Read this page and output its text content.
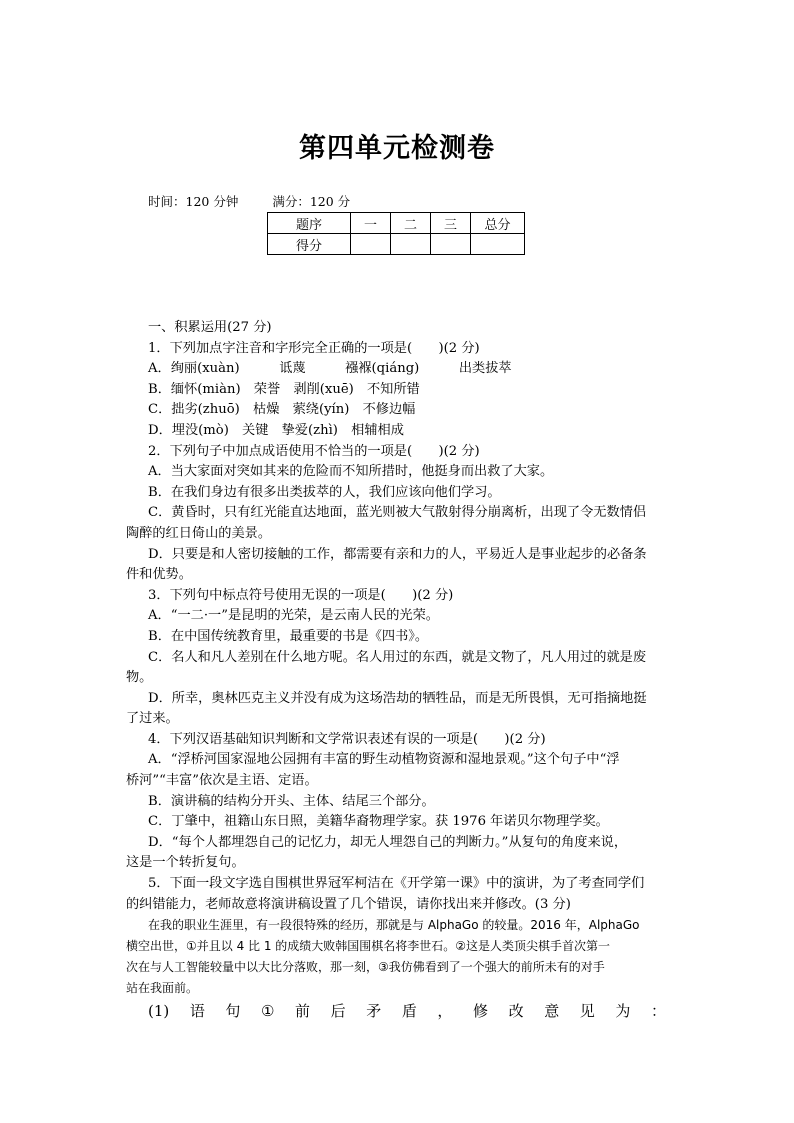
第四单元检测卷
时间：120 分钟	满分：120 分
题序	一	二	三	总分
得分				

一、积累运用(27 分)

1．下列加点字注音和字形完全正确的一项是(　　)(2 分)

A．绚丽(xuàn)　　　诋蔑　　　襁褓(qiáng)　　　出类拔萃

B．缅怀(miàn)　荣誉　剥削(xuē)　不知所错

C．拙劣(zhuō)　枯燥　萦绕(yín)　不修边幅

D．埋没(mò)　关键　挚爱(zhì)　相辅相成

2．下列句子中加点成语使用不恰当的一项是(　　)(2 分)

A．当大家面对突如其来的危险而不知所措时，他挺身而出救了大家。

B．在我们身边有很多出类拔萃的人，我们应该向他们学习。

C．黄昏时，只有红光能直达地面，蓝光则被大气散射得分崩离析，出现了令无数情侣

陶醉的红日倚山的美景。

D．只要是和人密切接触的工作，都需要有亲和力的人，平易近人是事业起步的必备条

件和优势。

3．下列句中标点符号使用无误的一项是(　　)(2 分)

A．“一二·一”是昆明的光荣，是云南人民的光荣。

B．在中国传统教育里，最重要的书是《四书》。

C．名人和凡人差别在什么地方呢。名人用过的东西，就是文物了，凡人用过的就是废

物。

D．所幸，奥林匹克主义并没有成为这场浩劫的牺牲品，而是无所畏惧，无可指摘地挺

了过来。

4．下列汉语基础知识判断和文学常识表述有误的一项是(　　)(2 分)

A．“浮桥河国家湿地公园拥有丰富的野生动植物资源和湿地景观。”这个句子中“浮

桥河”“丰富”依次是主语、定语。

B．演讲稿的结构分开头、主体、结尾三个部分。

C．丁肇中，祖籍山东日照，美籍华裔物理学家。获 1976 年诺贝尔物理学奖。

D．“每个人都埋怨自己的记忆力，却无人埋怨自己的判断力。”从复句的角度来说，

这是一个转折复句。

5．下面一段文字选自围棋世界冠军柯洁在《开学第一课》中的演讲，为了考查同学们

的纠错能力，老师故意将演讲稿设置了几个错误，请你找出来并修改。(3 分)

在我的职业生涯里，有一段很特殊的经历，那就是与 AlphaGo 的较量。2016 年，AlphaGo

横空出世，①并且以 4 比 1 的成绩大败韩国围棋名将李世石。②这是人类顶尖棋手首次第一

次在与人工智能较量中以大比分落败，那一刻，③我仿佛看到了一个强大的前所未有的对手

站在我面前。

(1) 语 句 ① 前 后 矛 盾 ， 修 改 意 见 为 ：
